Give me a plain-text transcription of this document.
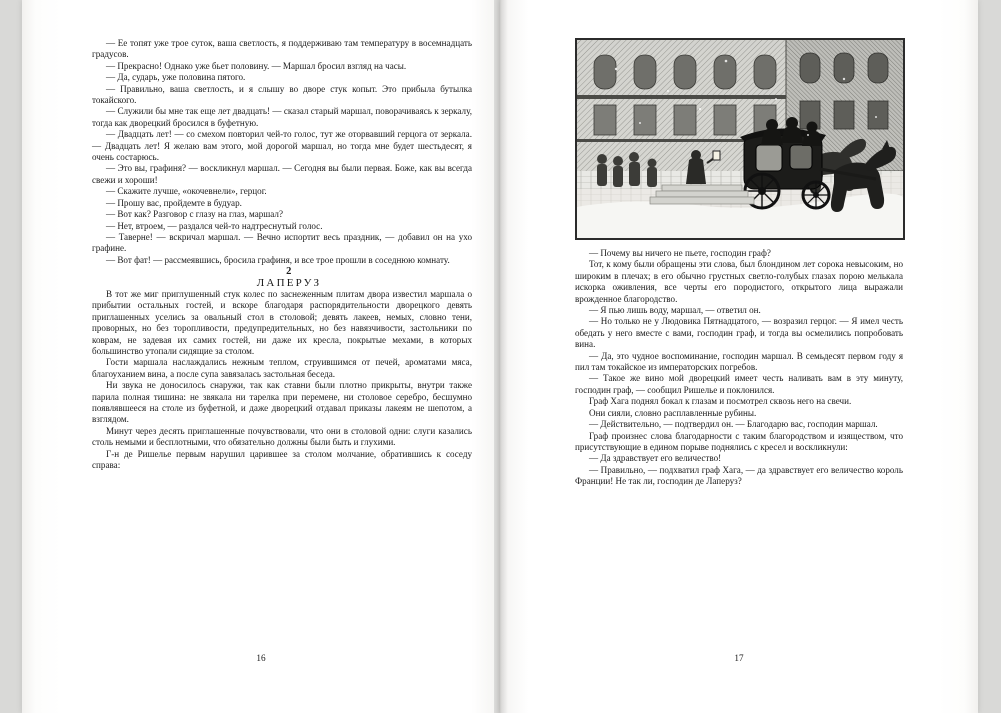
— Ее топят уже трое суток, ваша светлость, я поддерживаю там температуру в восемнадцать градусов.

— Прекрасно! Однако уже бьет половину. — Маршал бросил взгляд на часы.

— Да, сударь, уже половина пятого.

— Правильно, ваша светлость, и я слышу во дворе стук копыт. Это прибыла бутылка токайского.

— Служили бы мне так еще лет двадцать! — сказал старый маршал, поворачиваясь к зеркалу, тогда как дворецкий бросился в буфетную.

— Двадцать лет! — со смехом повторил чей-то голос, тут же оторвавший герцога от зеркала. — Двадцать лет! Я желаю вам этого, мой дорогой маршал, но тогда мне будет шестьдесят, я очень состарюсь.

— Это вы, графиня? — воскликнул маршал. — Сегодня вы были первая. Боже, как вы всегда свежи и хороши!

— Скажите лучше, «окочевнели», герцог.

— Прошу вас, пройдемте в будуар.

— Вот как? Разговор с глазу на глаз, маршал?

— Нет, втроем, — раздался чей-то надтреснутый голос.

— Таверне! — вскричал маршал. — Вечно испортит весь праздник, — добавил он на ухо графине.

— Вот фат! — рассмеявшись, бросила графиня, и все трое прошли в соседнюю комнату.

2

ЛАПЕРУЗ

В тот же миг приглушенный стук колес по заснеженным плитам двора известил маршала о прибытии остальных гостей, и вскоре благодаря распорядительности дворецкого девять приглашенных уселись за овальный стол в столовой; девять лакеев, немых, словно тени, проворных, но без торопливости, предупредительных, но без навязчивости, застольники по коврам, не задевая их самих гостей, ни даже их кресла, покрытые мехами, в которых большинство утопали сидящие за столом.

Гости маршала наслаждались нежным теплом, струившимся от печей, ароматами мяса, благоуханием вина, а после супа завязалась застольная беседа.

Ни звука не доносилось снаружи, так как ставни были плотно прикрыты, внутри также парила полная тишина: не звякала ни тарелка при перемене, ни столовое серебро, бесшумно появлявшееся на столе из буфетной, и даже дворецкий отдавал приказы лакеям не шепотом, а взглядом.

Минут через десять приглашенные почувствовали, что они в столовой одни: слуги казались столь немыми и бесплотными, что обязательно должны были быть и глухими.

Г-н де Ришелье первым нарушил царившее за столом молчание, обратившись к соседу справа:

16	17

— Почему вы ничего не пьете, господин граф?

Тот, к кому были обращены эти слова, был блондином лет сорока невысоким, но широким в плечах; в его обычно грустных светло-голубых глазах порою мелькала искорка оживления, все черты его породистого, открытого лица выражали врожденное благородство.

— Я пью лишь воду, маршал, — ответил он.

— Но только не у Людовика Пятнадцатого, — возразил герцог. — Я имел честь обедать у него вместе с вами, господин граф, и тогда вы осмелились попробовать вина.

— Да, это чудное воспоминание, господин маршал. В семьдесят первом году я пил там токайское из императорских погребов.

— Такое же вино мой дворецкий имеет честь наливать вам в эту минуту, господин граф, — сообщил Ришелье и поклонился.

Граф Хага поднял бокал к глазам и посмотрел сквозь него на свечи.

Они сияли, словно расплавленные рубины.

— Действительно, — подтвердил он. — Благодарю вас, господин маршал.

Граф произнес слова благодарности с таким благородством и изяществом, что присутствующие в едином порыве поднялись с кресел и воскликнули:

— Да здравствует его величество!

— Правильно, — подхватил граф Хага, — да здравствует его величество король Франции! Не так ли, господин де Лаперуз?
